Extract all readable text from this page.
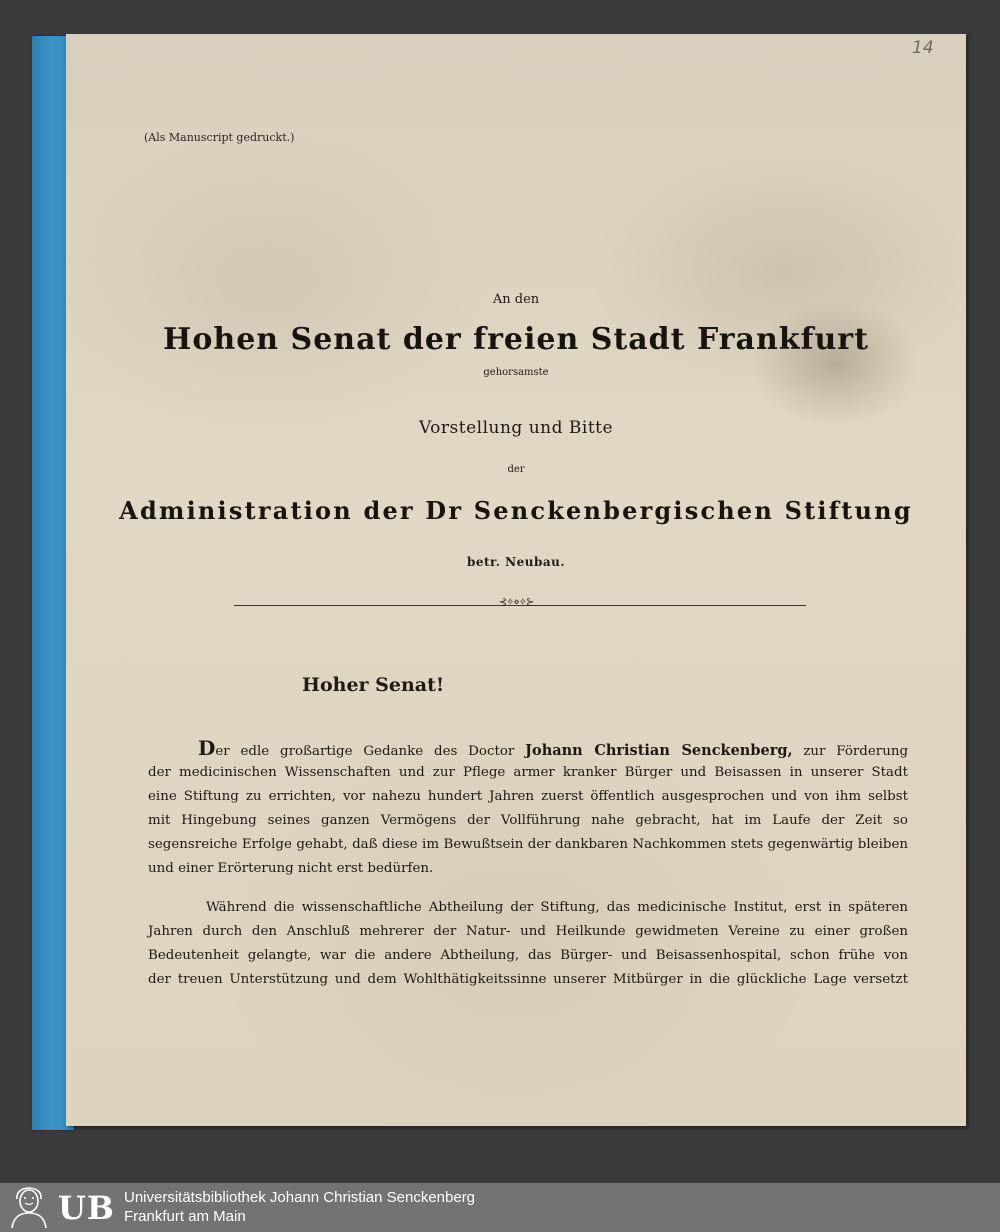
14
(Als Manuscript gedruckt.)
An den
Hohen Senat der freien Stadt Frankfurt
gehorsamste
Vorstellung und Bitte
der
Administration der Dr Senckenbergischen Stiftung
betr. Neubau.
⊰✧⋄✧⊱
Hoher Senat!
Der edle großartige Gedanke des Doctor Johann Christian Senckenberg, zur Förderung
der medicinischen Wissenschaften und zur Pflege armer kranker Bürger und Beisassen in unserer Stadt
eine Stiftung zu errichten, vor nahezu hundert Jahren zuerst öffentlich ausgesprochen und von ihm selbst
mit Hingebung seines ganzen Vermögens der Vollführung nahe gebracht, hat im Laufe der Zeit so
segensreiche Erfolge gehabt, daß diese im Bewußtsein der dankbaren Nachkommen stets gegenwärtig bleiben
und einer Erörterung nicht erst bedürfen.
Während die wissenschaftliche Abtheilung der Stiftung, das medicinische Institut, erst in späteren
Jahren durch den Anschluß mehrerer der Natur- und Heilkunde gewidmeten Vereine zu einer großen
Bedeutenheit gelangte, war die andere Abtheilung, das Bürger- und Beisassenhospital, schon frühe von
der treuen Unterstützung und dem Wohlthätigkeitssinne unserer Mitbürger in die glückliche Lage versetzt
UB Universitätsbibliothek Johann Christian Senckenberg
Frankfurt am Main
